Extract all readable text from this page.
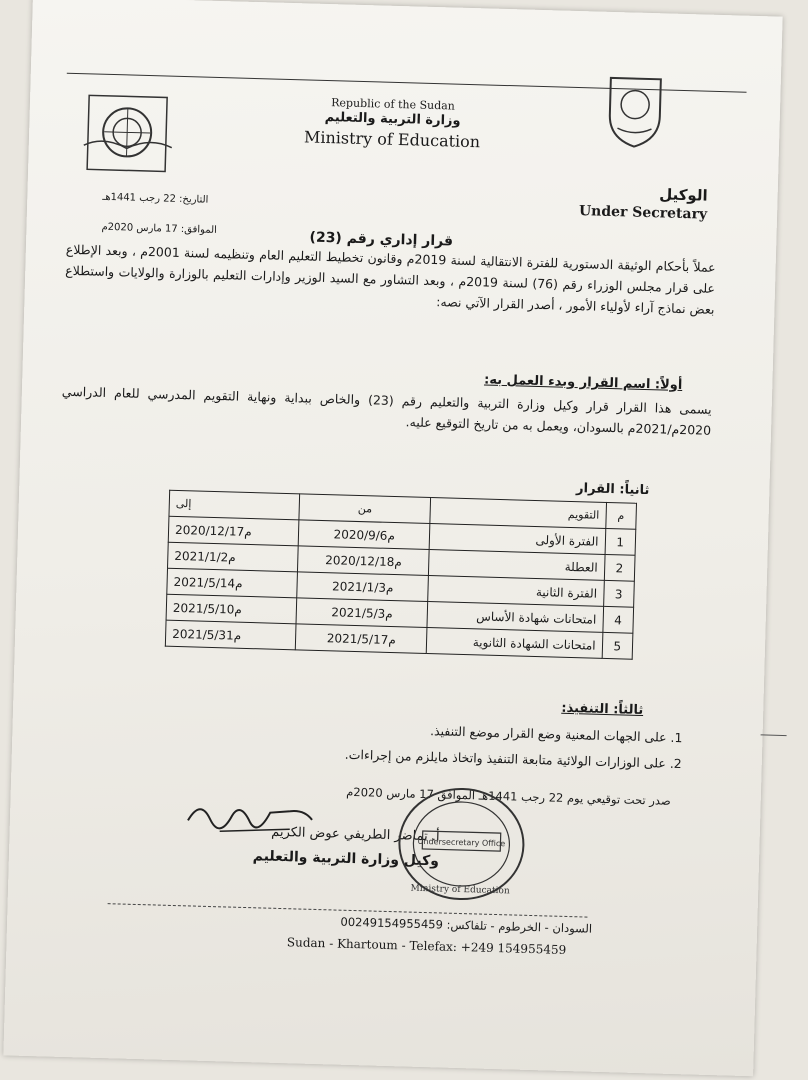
Republic of the Sudan
وزارة التربية والتعليم
Ministry of Education
الوكيل
Under Secretary
التاريخ: 22 رجب 1441هـ
الموافق: 17 مارس 2020م	قرار إداري رقم (23)
عملاً بأحكام الوثيقة الدستورية للفترة الانتقالية لسنة 2019م وقانون تخطيط التعليم العام وتنظيمه لسنة 2001م ، وبعد الإطلاع على قرار مجلس الوزراء رقم (76) لسنة 2019م ، وبعد التشاور مع السيد الوزير وإدارات التعليم بالوزارة والولايات واستطلاع بعض نماذج آراء لأولياء الأمور ، أصدر القرار الآتي نصه:
أولاً: اسم القرار وبدء العمل به:
يسمى هذا القرار قرار وكيل وزارة التربية والتعليم رقم (23) والخاص ببداية ونهاية التقويم المدرسي للعام الدراسي 2020م/2021م بالسودان، ويعمل به من تاريخ التوقيع عليه.
ثانياً: القرار
إلى	من	التقويم	م
2020/12/17م	2020/9/6م	الفترة الأولى	1
2021/1/2م	2020/12/18م	العطلة	2
2021/5/14م	2021/1/3م	الفترة الثانية	3
2021/5/10م	2021/5/3م	امتحانات شهادة الأساس	4
2021/5/31م	2021/5/17م	امتحانات الشهادة الثانوية	5
ثالثاً: التنفيذ:
1. على الجهات المعنية وضع القرار موضع التنفيذ.
2. على الوزارات الولائية متابعة التنفيذ واتخاذ مايلزم من إجراءات.
صدر تحت توقيعي يوم 22 رجب 1441هـ الموافق 17 مارس 2020م
أ. تماضر الطريفي عوض الكريم
وكيل وزارة التربية والتعليم
Undersecretary Office
Ministry of Education
السودان - الخرطوم - تلفاكس: 00249154955459
Sudan - Khartoum - Telefax: +249 154955459
